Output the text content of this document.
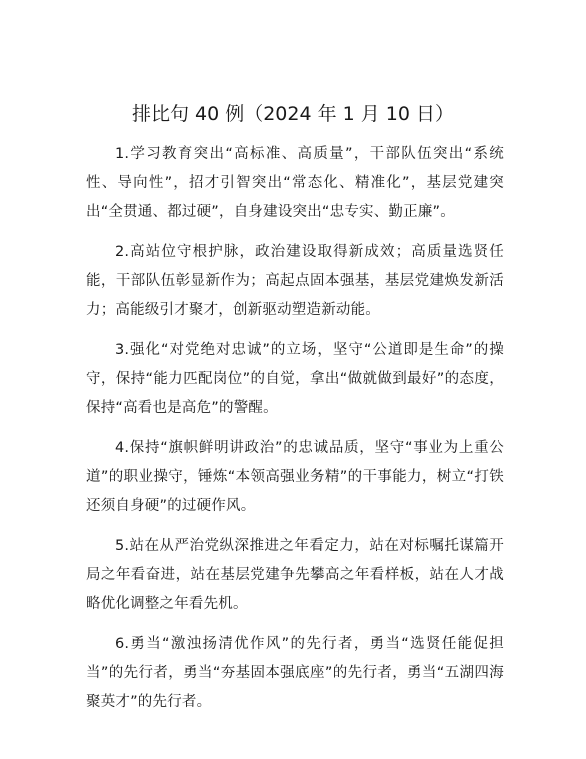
排比句 40 例（2024 年 1 月 10 日）

1.学习教育突出“高标准、高质量”，干部队伍突出“系统性、导向性”，招才引智突出“常态化、精准化”，基层党建突出“全贯通、都过硬”，自身建设突出“忠专实、勤正廉”。

2.高站位守根护脉，政治建设取得新成效；高质量选贤任能，干部队伍彰显新作为；高起点固本强基，基层党建焕发新活力；高能级引才聚才，创新驱动塑造新动能。

3.强化“对党绝对忠诚”的立场，坚守“公道即是生命”的操守，保持“能力匹配岗位”的自觉，拿出“做就做到最好”的态度，保持“高看也是高危”的警醒。

4.保持“旗帜鲜明讲政治”的忠诚品质，坚守“事业为上重公道”的职业操守，锤炼“本领高强业务精”的干事能力，树立“打铁还须自身硬”的过硬作风。

5.站在从严治党纵深推进之年看定力，站在对标嘱托谋篇开局之年看奋进，站在基层党建争先攀高之年看样板，站在人才战略优化调整之年看先机。

6.勇当“激浊扬清优作风”的先行者，勇当“选贤任能促担当”的先行者，勇当“夯基固本强底座”的先行者，勇当“五湖四海聚英才”的先行者。
